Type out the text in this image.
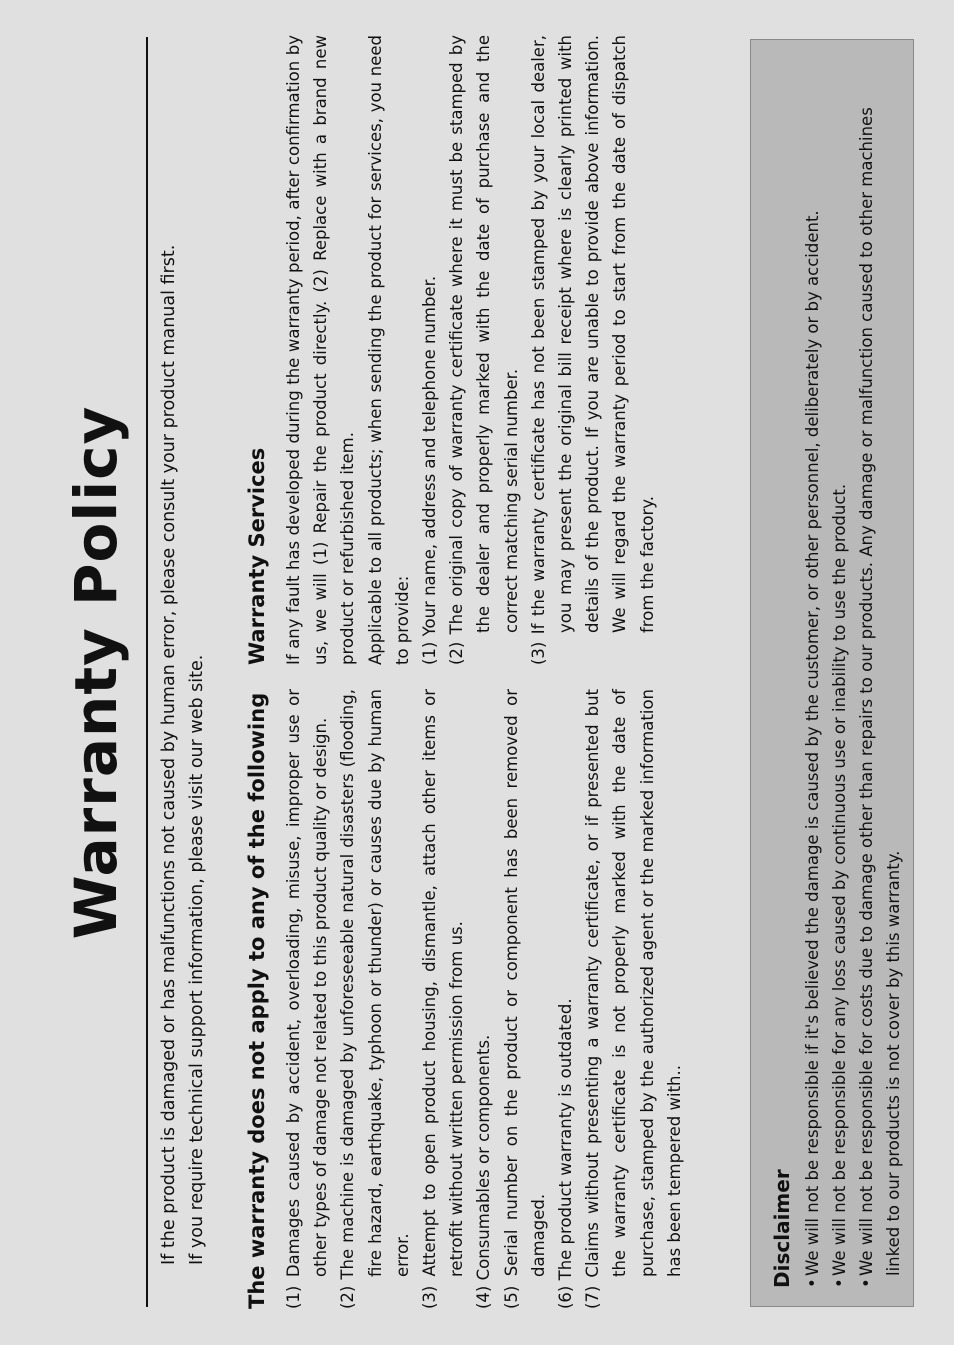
Warranty Policy If the product is damaged or has malfunctions not caused by human error, please consult your product manual first. If you require technical support information, please visit our web site. The warranty does not apply to any of the following (1) Damages caused by accident, overloading, misuse, improper use or other types of damage not related to this product quality or design. (2) The machine is damaged by unforeseeable natural disasters (flooding, fire hazard, earthquake, typhoon or thunder) or causes due by human error. (3) Attempt to open product housing, dismantle, attach other items or retrofit without written permission from us. (4) Consumables or components. (5) Serial number on the product or component has been removed or damaged. (6) The product warranty is outdated. (7) Claims without presenting a warranty certificate, or if presented but the warranty certificate is not properly marked with the date of purchase, stamped by the authorized agent or the marked information has been tempered with..
Warranty Services If any fault has developed during the warranty period, after confirmation by us, we will (1) Repair the product directly. (2) Replace with a brand new product or refurbished item. Applicable to all products; when sending the product for services, you need to provide: (1) Your name, address and telephone number. (2) The original copy of warranty certificate where it must be stamped by the dealer and properly marked with the date of purchase and the correct matching serial number. (3) If the warranty certificate has not been stamped by your local dealer, you may present the original bill receipt where is clearly printed with details of the product. If you are unable to provide above information. We will regard the warranty period to start from the date of dispatch from the factory.
Disclaimer •We will not be responsible if it's believed the damage is caused by the customer, or other personnel, deliberately or by accident.
•We will not be responsible for any loss caused by continuous use or inability to use the product.
•We will not be responsible for costs due to damage other than repairs to our products. Any damage or malfunction caused to other machines linked to our products is not cover by this warranty.
